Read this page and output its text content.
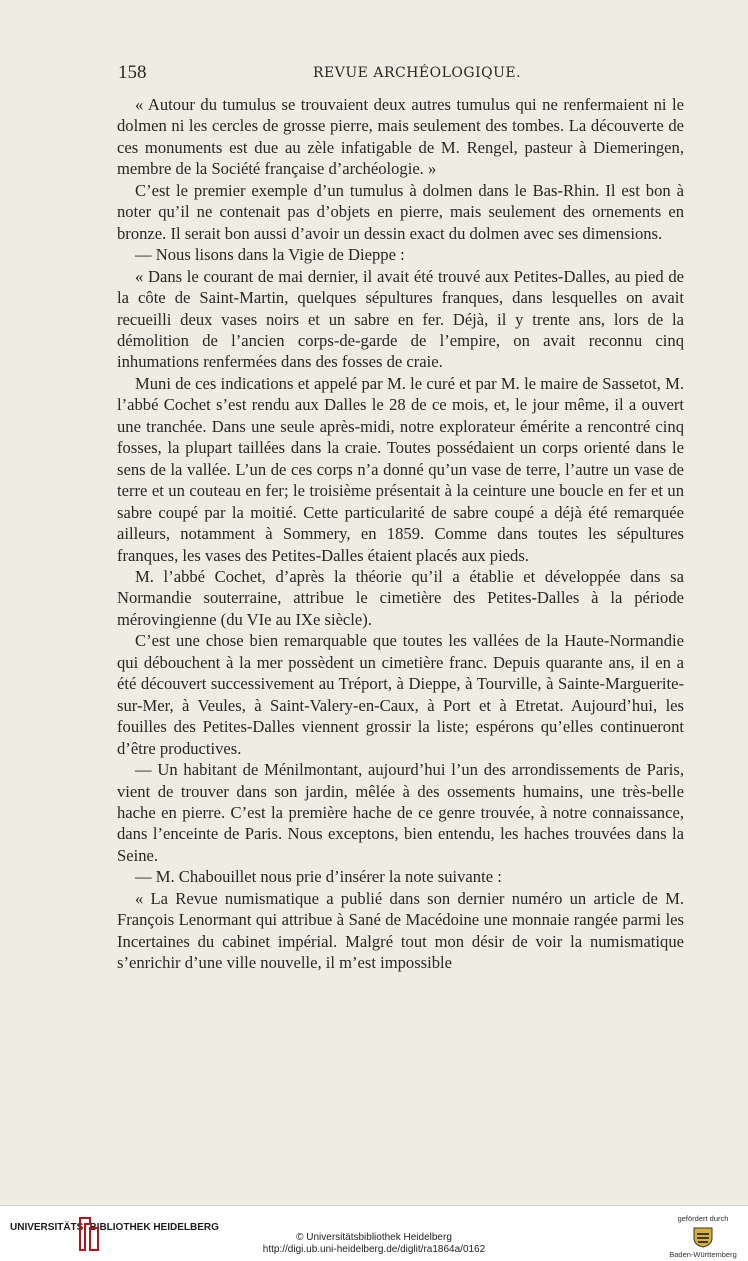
158	REVUE ARCHÉOLOGIQUE.

« Autour du tumulus se trouvaient deux autres tumulus qui ne renfermaient ni le dolmen ni les cercles de grosse pierre, mais seulement des tombes. La découverte de ces monuments est due au zèle infatigable de M. Rengel, pasteur à Diemeringen, membre de la Société française d’archéologie. »

C’est le premier exemple d’un tumulus à dolmen dans le Bas-Rhin. Il est bon à noter qu’il ne contenait pas d’objets en pierre, mais seulement des ornements en bronze. Il serait bon aussi d’avoir un dessin exact du dolmen avec ses dimensions.

— Nous lisons dans la Vigie de Dieppe :

« Dans le courant de mai dernier, il avait été trouvé aux Petites-Dalles, au pied de la côte de Saint-Martin, quelques sépultures franques, dans lesquelles on avait recueilli deux vases noirs et un sabre en fer. Déjà, il y trente ans, lors de la démolition de l’ancien corps-de-garde de l’empire, on avait reconnu cinq inhumations renfermées dans des fosses de craie.

Muni de ces indications et appelé par M. le curé et par M. le maire de Sassetot, M. l’abbé Cochet s’est rendu aux Dalles le 28 de ce mois, et, le jour même, il a ouvert une tranchée. Dans une seule après-midi, notre explorateur émérite a rencontré cinq fosses, la plupart taillées dans la craie. Toutes possédaient un corps orienté dans le sens de la vallée. L’un de ces corps n’a donné qu’un vase de terre, l’autre un vase de terre et un couteau en fer; le troisième présentait à la ceinture une boucle en fer et un sabre coupé par la moitié. Cette particularité de sabre coupé a déjà été remarquée ailleurs, notamment à Sommery, en 1859. Comme dans toutes les sépultures franques, les vases des Petites-Dalles étaient placés aux pieds.

M. l’abbé Cochet, d’après la théorie qu’il a établie et développée dans sa Normandie souterraine, attribue le cimetière des Petites-Dalles à la période mérovingienne (du VIe au IXe siècle).

C’est une chose bien remarquable que toutes les vallées de la Haute-Normandie qui débouchent à la mer possèdent un cimetière franc. Depuis quarante ans, il en a été découvert successivement au Tréport, à Dieppe, à Tourville, à Sainte-Marguerite-sur-Mer, à Veules, à Saint-Valery-en-Caux, à Port et à Etretat. Aujourd’hui, les fouilles des Petites-Dalles viennent grossir la liste; espérons qu’elles continueront d’être productives.

— Un habitant de Ménilmontant, aujourd’hui l’un des arrondissements de Paris, vient de trouver dans son jardin, mêlée à des ossements humains, une très-belle hache en pierre. C’est la première hache de ce genre trouvée, à notre connaissance, dans l’enceinte de Paris. Nous exceptons, bien entendu, les haches trouvées dans la Seine.

— M. Chabouillet nous prie d’insérer la note suivante :

« La Revue numismatique a publié dans son dernier numéro un article de M. François Lenormant qui attribue à Sané de Macédoine une monnaie rangée parmi les Incertaines du cabinet impérial. Malgré tout mon désir de voir la numismatique s’enrichir d’une ville nouvelle, il m’est impossible

UNIVERSITÄTS- BIBLIOTHEK HEIDELBERG
© Universitätsbibliothek Heidelberg
http://digi.ub.uni-heidelberg.de/diglit/ra1864a/0162
gefördert durch
Baden-Württemberg
